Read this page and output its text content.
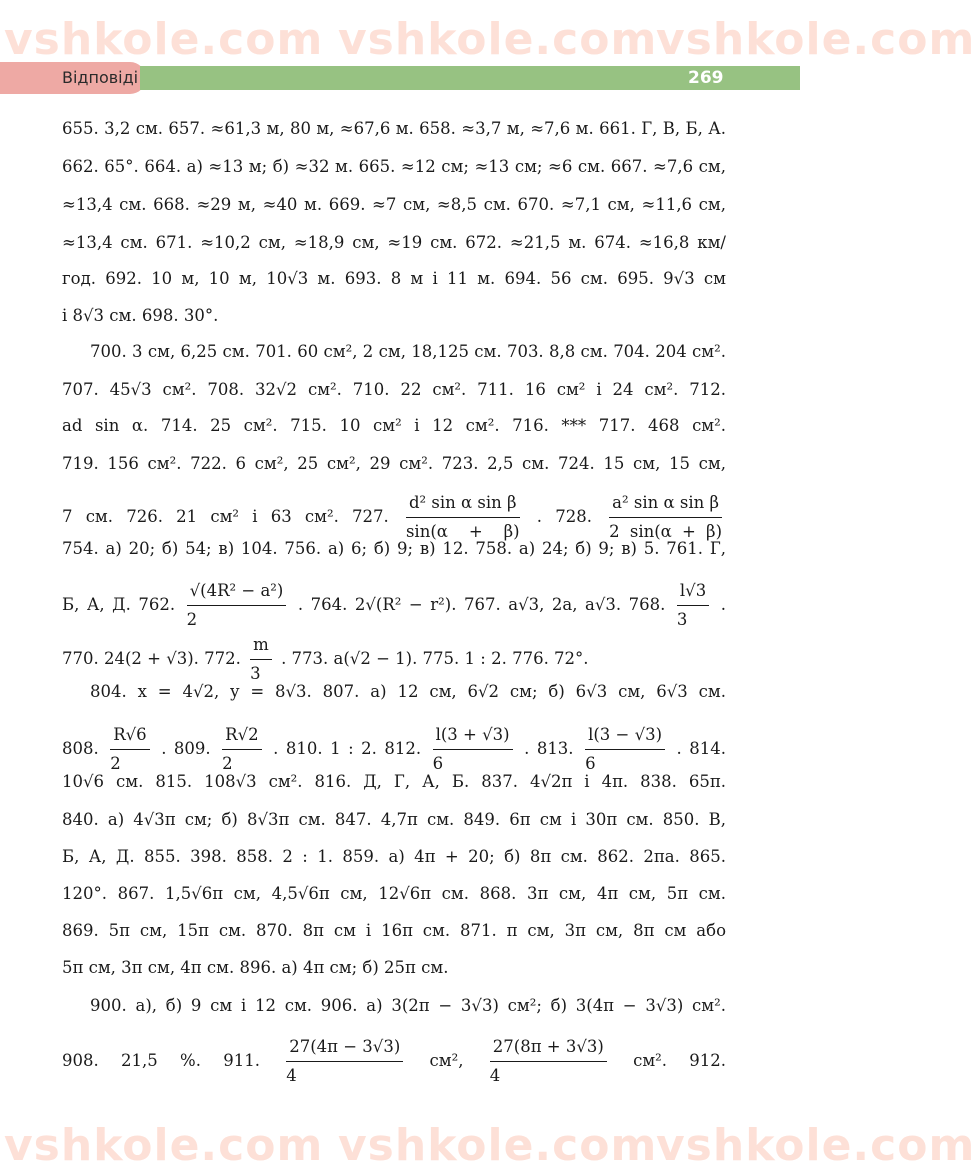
Відповіді	269
655. 3,2 см. 657. ≈61,3 м, 80 м, ≈67,6 м. 658. ≈3,7 м, ≈7,6 м. 661. Г, В, Б, А.
662. 65°. 664. а) ≈13 м; б) ≈32 м. 665. ≈12 см; ≈13 см; ≈6 см. 667. ≈7,6 см,
≈13,4 см. 668. ≈29 м, ≈40 м. 669. ≈7 см, ≈8,5 см. 670. ≈7,1 см, ≈11,6 см,
≈13,4 см. 671. ≈10,2 см, ≈18,9 см, ≈19 см. 672. ≈21,5 м. 674. ≈16,8 км/
год. 692. 10 м, 10 м, 10√3 м. 693. 8 м і 11 м. 694. 56 см. 695. 9√3 см
і 8√3 см. 698. 30°.
700. 3 см, 6,25 см. 701. 60 см², 2 см, 18,125 см. 703. 8,8 см. 704. 204 см².
707. 45√3 см². 708. 32√2 см². 710. 22 см². 711. 16 см² і 24 см². 712.
ad sin α. 714. 25 см². 715. 10 см² і 12 см². 716. *** 717. 468 см².
719. 156 см². 722. 6 см², 25 см², 29 см². 723. 2,5 см. 724. 15 см, 15 см,
7 см. 726. 21 см² і 63 см². 727. $\frac{\text{d² sin α sin β}}{\sin(\alpha + \beta)}$ . 728. $\frac{\text{a² sin α sin β}}{2 \sin(\alpha + \beta)}$
754. а) 20; б) 54; в) 104. 756. а) 6; б) 9; в) 12. 758. а) 24; б) 9; в) 5. 761. Г,
Б, А, Д. 762. $\frac{\text{√(4R² − a²)}}{2}$ . 764. 2√(R² − r²). 767. a√3, 2a, a√3. 768. $\frac{l√3}{3}$ .
770. 24(2 + √3). 772. $\frac{m}{3}$ . 773. a(√2 − 1). 775. 1 : 2. 776. 72°.
804. x = 4√2, y = 8√3. 807. а) 12 см, 6√2 см; б) 6√3 см, 6√3 см.
808. $\frac{R√6}{2}$ . 809. $\frac{R√2}{2}$ . 810. 1 : 2. 812. $\frac{l(3 + √3)}{6}$ . 813. $\frac{l(3 - √3)}{6}$ . 814.
10√6 см. 815. 108√3 см². 816. Д, Г, А, Б. 837. 4√2π і 4π. 838. 65π.
840. а) 4√3π см; б) 8√3π см. 847. 4,7π см. 849. 6π см і 30π см. 850. В,
Б, А, Д. 855. 398. 858. 2 : 1. 859. а) 4π + 20; б) 8π см. 862. 2πa. 865.
120°. 867. 1,5√6π см, 4,5√6π см, 12√6π см. 868. 3π см, 4π см, 5π см.
869. 5π см, 15π см. 870. 8π см і 16π см. 871. π см, 3π см, 8π см або
5π см, 3π см, 4π см. 896. а) 4π см; б) 25π см.
900. а), б) 9 см і 12 см. 906. а) 3(2π − 3√3) см²; б) 3(4π − 3√3) см².
908. 21,5 %. 911. $\frac{27(4\pi - 3√3)}{4} см^2$, $\frac{27(8\pi + 3√3)}{4} см^2$. 912.
vshkole.com vshkole.com
vshkole.com
vshkole.com vshkole.com
vshkole.com
